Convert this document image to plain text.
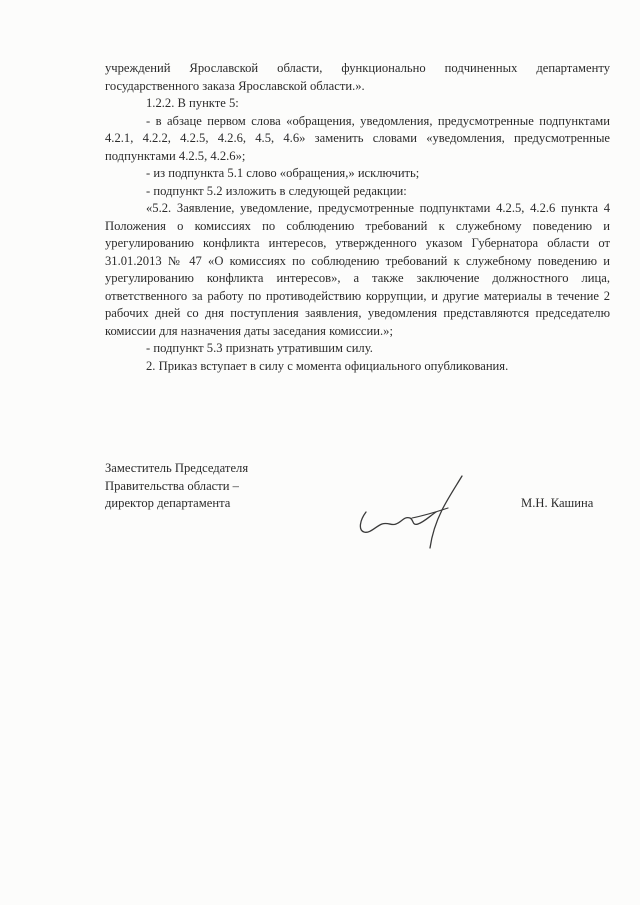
учреждений Ярославской области, функционально подчиненных департаменту государственного заказа Ярославской области.».

1.2.2. В пункте 5:

- в абзаце первом слова «обращения, уведомления, предусмотренные подпунктами 4.2.1, 4.2.2, 4.2.5, 4.2.6, 4.5, 4.6» заменить словами «уведомления, предусмотренные подпунктами 4.2.5, 4.2.6»;

- из подпункта 5.1 слово «обращения,» исключить;

- подпункт 5.2 изложить в следующей редакции:

«5.2. Заявление, уведомление, предусмотренные подпунктами 4.2.5, 4.2.6 пункта 4 Положения о комиссиях по соблюдению требований к служебному поведению и урегулированию конфликта интересов, утвержденного указом Губернатора области от 31.01.2013 № 47 «О комиссиях по соблюдению требований к служебному поведению и урегулированию конфликта интересов», а также заключение должностного лица, ответственного за работу по противодействию коррупции, и другие материалы в течение 2 рабочих дней со дня поступления заявления, уведомления представляются председателю комиссии для назначения даты заседания комиссии.»;

- подпункт 5.3 признать утратившим силу.

2. Приказ вступает в силу с момента официального опубликования.

Заместитель Председателя
Правительства области –
директор департамента	М.Н. Кашина
